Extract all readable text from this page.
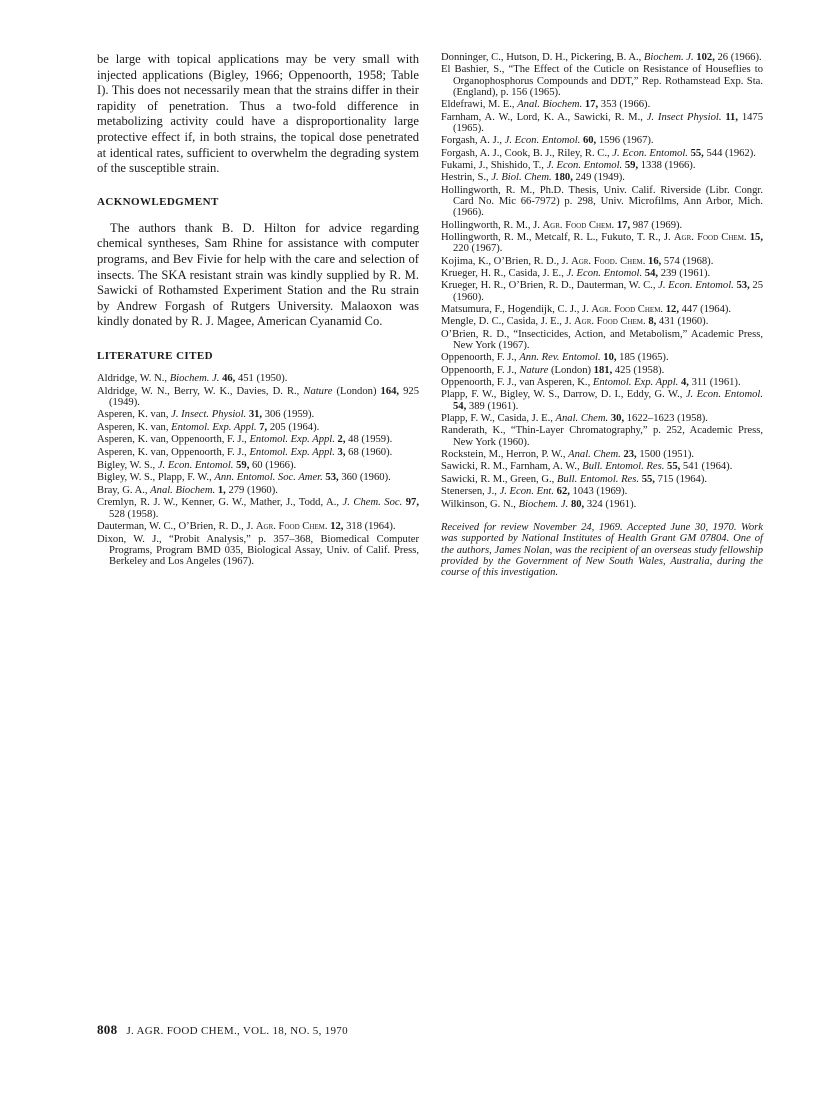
be large with topical applications may be very small with injected applications (Bigley, 1966; Oppenoorth, 1958; Table I). This does not necessarily mean that the strains differ in their rapidity of penetration. Thus a two-fold difference in metabolizing activity could have a disproportionality large protective effect if, in both strains, the topical dose penetrated at identical rates, sufficient to overwhelm the degrading system of the susceptible strain.

ACKNOWLEDGMENT

The authors thank B. D. Hilton for advice regarding chemical syntheses, Sam Rhine for assistance with computer programs, and Bev Fivie for help with the care and selection of insects. The SKA resistant strain was kindly supplied by R. M. Sawicki of Rothamsted Experiment Station and the Ru strain by Andrew Forgash of Rutgers University. Malaoxon was kindly donated by R. J. Magee, American Cyanamid Co.

LITERATURE CITED
Aldridge, W. N., Biochem. J. 46, 451 (1950).
Aldridge, W. N., Berry, W. K., Davies, D. R., Nature (London) 164, 925 (1949).
Asperen, K. van, J. Insect. Physiol. 31, 306 (1959).
Asperen, K. van, Entomol. Exp. Appl. 7, 205 (1964).
Asperen, K. van, Oppenoorth, F. J., Entomol. Exp. Appl. 2, 48 (1959).
Asperen, K. van, Oppenoorth, F. J., Entomol. Exp. Appl. 3, 68 (1960).
Bigley, W. S., J. Econ. Entomol. 59, 60 (1966).
Bigley, W. S., Plapp, F. W., Ann. Entomol. Soc. Amer. 53, 360 (1960).
Bray, G. A., Anal. Biochem. 1, 279 (1960).
Cremlyn, R. J. W., Kenner, G. W., Mather, J., Todd, A., J. Chem. Soc. 97, 528 (1958).
Dauterman, W. C., O’Brien, R. D., J. Agr. Food Chem. 12, 318 (1964).
Dixon, W. J., “Probit Analysis,” p. 357–368, Biomedical Computer Programs, Program BMD 035, Biological Assay, Univ. of Calif. Press, Berkeley and Los Angeles (1967).
Donninger, C., Hutson, D. H., Pickering, B. A., Biochem. J. 102, 26 (1966).
El Bashier, S., “The Effect of the Cuticle on Resistance of Houseflies to Organophosphorus Compounds and DDT,” Rep. Rothamstead Exp. Sta. (England), p. 156 (1965).
Eldefrawi, M. E., Anal. Biochem. 17, 353 (1966).
Farnham, A. W., Lord, K. A., Sawicki, R. M., J. Insect Physiol. 11, 1475 (1965).
Forgash, A. J., J. Econ. Entomol. 60, 1596 (1967).
Forgash, A. J., Cook, B. J., Riley, R. C., J. Econ. Entomol. 55, 544 (1962).
Fukami, J., Shishido, T., J. Econ. Entomol. 59, 1338 (1966).
Hestrin, S., J. Biol. Chem. 180, 249 (1949).
Hollingworth, R. M., Ph.D. Thesis, Univ. Calif. Riverside (Libr. Congr. Card No. Mic 66-7972) p. 298, Univ. Microfilms, Ann Arbor, Mich. (1966).
Hollingworth, R. M., J. Agr. Food Chem. 17, 987 (1969).
Hollingworth, R. M., Metcalf, R. L., Fukuto, T. R., J. Agr. Food Chem. 15, 220 (1967).
Kojima, K., O’Brien, R. D., J. Agr. Food. Chem. 16, 574 (1968).
Krueger, H. R., Casida, J. E., J. Econ. Entomol. 54, 239 (1961).
Krueger, H. R., O’Brien, R. D., Dauterman, W. C., J. Econ. Entomol. 53, 25 (1960).
Matsumura, F., Hogendijk, C. J., J. Agr. Food Chem. 12, 447 (1964).
Mengle, D. C., Casida, J. E., J. Agr. Food Chem. 8, 431 (1960).
O’Brien, R. D., “Insecticides, Action, and Metabolism,” Academic Press, New York (1967).
Oppenoorth, F. J., Ann. Rev. Entomol. 10, 185 (1965).
Oppenoorth, F. J., Nature (London) 181, 425 (1958).
Oppenoorth, F. J., van Asperen, K., Entomol. Exp. Appl. 4, 311 (1961).
Plapp, F. W., Bigley, W. S., Darrow, D. I., Eddy, G. W., J. Econ. Entomol. 54, 389 (1961).
Plapp, F. W., Casida, J. E., Anal. Chem. 30, 1622–1623 (1958).
Randerath, K., “Thin-Layer Chromatography,” p. 252, Academic Press, New York (1960).
Rockstein, M., Herron, P. W., Anal. Chem. 23, 1500 (1951).
Sawicki, R. M., Farnham, A. W., Bull. Entomol. Res. 55, 541 (1964).
Sawicki, R. M., Green, G., Bull. Entomol. Res. 55, 715 (1964).
Stenersen, J., J. Econ. Ent. 62, 1043 (1969).
Wilkinson, G. N., Biochem. J. 80, 324 (1961).

Received for review November 24, 1969. Accepted June 30, 1970. Work was supported by National Institutes of Health Grant GM 07804. One of the authors, James Nolan, was the recipient of an overseas study fellowship provided by the Government of New South Wales, Australia, during the course of this investigation.

808 J. AGR. FOOD CHEM., VOL. 18, NO. 5, 1970
